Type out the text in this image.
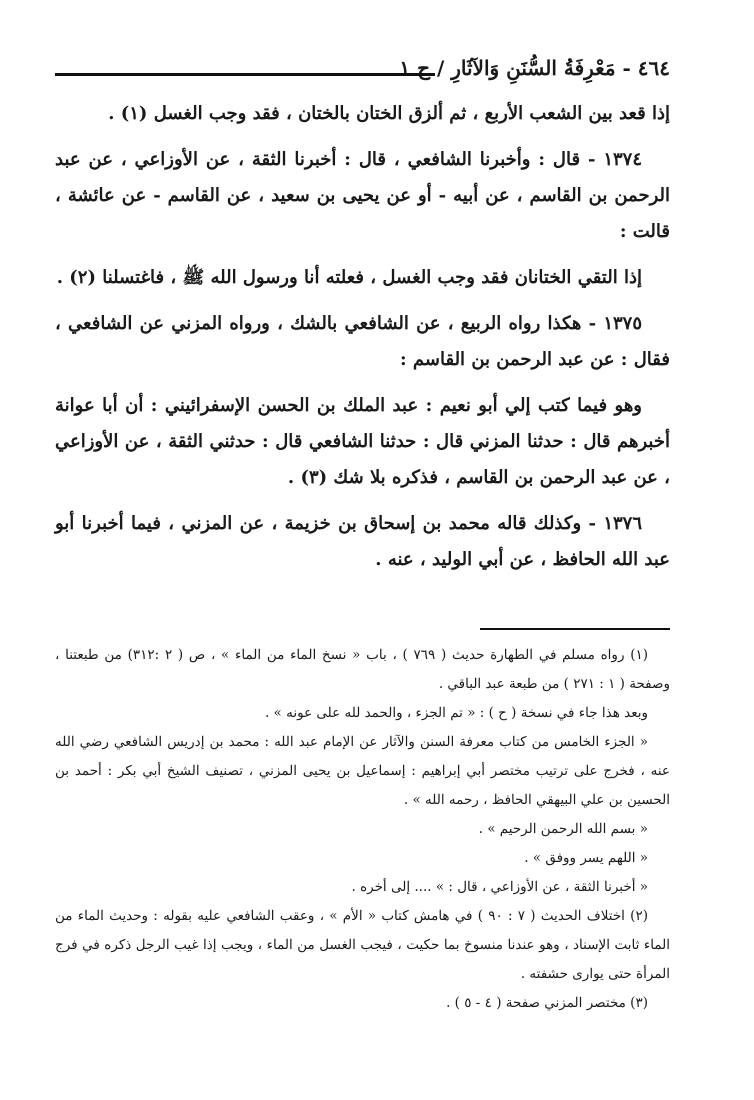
٤٦٤ - مَعْرِفَةُ السُّنَنِ وَالآثَارِ / ج ١

إذا قعد بين الشعب الأربع ، ثم ألزق الختان بالختان ، فقد وجب الغسل (١) .

١٣٧٤ - قال : وأخبرنا الشافعي ، قال : أخبرنا الثقة ، عن الأوزاعي ، عن عبد الرحمن بن القاسم ، عن أبيه - أو عن يحيى بن سعيد ، عن القاسم - عن عائشة ، قالت :

إذا التقي الختانان فقد وجب الغسل ، فعلته أنا ورسول الله ﷺ ، فاغتسلنا (٢) .

١٣٧٥ - هكذا رواه الربيع ، عن الشافعي بالشك ، ورواه المزني عن الشافعي ، فقال : عن عبد الرحمن بن القاسم :

وهو فيما كتب إلي أبو نعيم : عبد الملك بن الحسن الإسفرائيني : أن أبا عوانة أخبرهم قال : حدثنا المزني قال : حدثنا الشافعي قال : حدثني الثقة ، عن الأوزاعي ، عن عبد الرحمن بن القاسم ، فذكره بلا شك (٣) .

١٣٧٦ - وكذلك قاله محمد بن إسحاق بن خزيمة ، عن المزني ، فيما أخبرنا أبو عبد الله الحافظ ، عن أبي الوليد ، عنه .

(١) رواه مسلم في الطهارة حديث ( ٧٦٩ ) ، باب « نسخ الماء من الماء » ، ص ( ٢ :٣١٢) من طبعتنا ، وصفحة ( ١ : ٢٧١ ) من طبعة عبد الباقي .

وبعد هذا جاء في نسخة ( ح ) : « تم الجزء ، والحمد لله على عونه » .

« الجزء الخامس من كتاب معرفة السنن والآثار عن الإمام عبد الله : محمد بن إدريس الشافعي رضي الله عنه ، فخرج على ترتيب مختصر أبي إبراهيم : إسماعيل بن يحيى المزني ، تصنيف الشيخ أبي بكر : أحمد بن الحسين بن علي البيهقي الحافظ ، رحمه الله » .

« بسم الله الرحمن الرحيم » .

« اللهم يسر ووفق » .

« أخبرنا الثقة ، عن الأوزاعي ، قال : » .... إلى أخره .

(٢) اختلاف الحديث ( ٧ : ٩٠ ) في هامش كتاب « الأم » ، وعقب الشافعي عليه بقوله : وحديث الماء من الماء ثابت الإسناد ، وهو عندنا منسوخ بما حكيت ، فيجب الغسل من الماء ، ويجب إذا غيب الرجل ذكره في فرج المرأة حتى يوارى حشفته .

(٣) مختصر المزني صفحة ( ٤ - ٥ ) .
